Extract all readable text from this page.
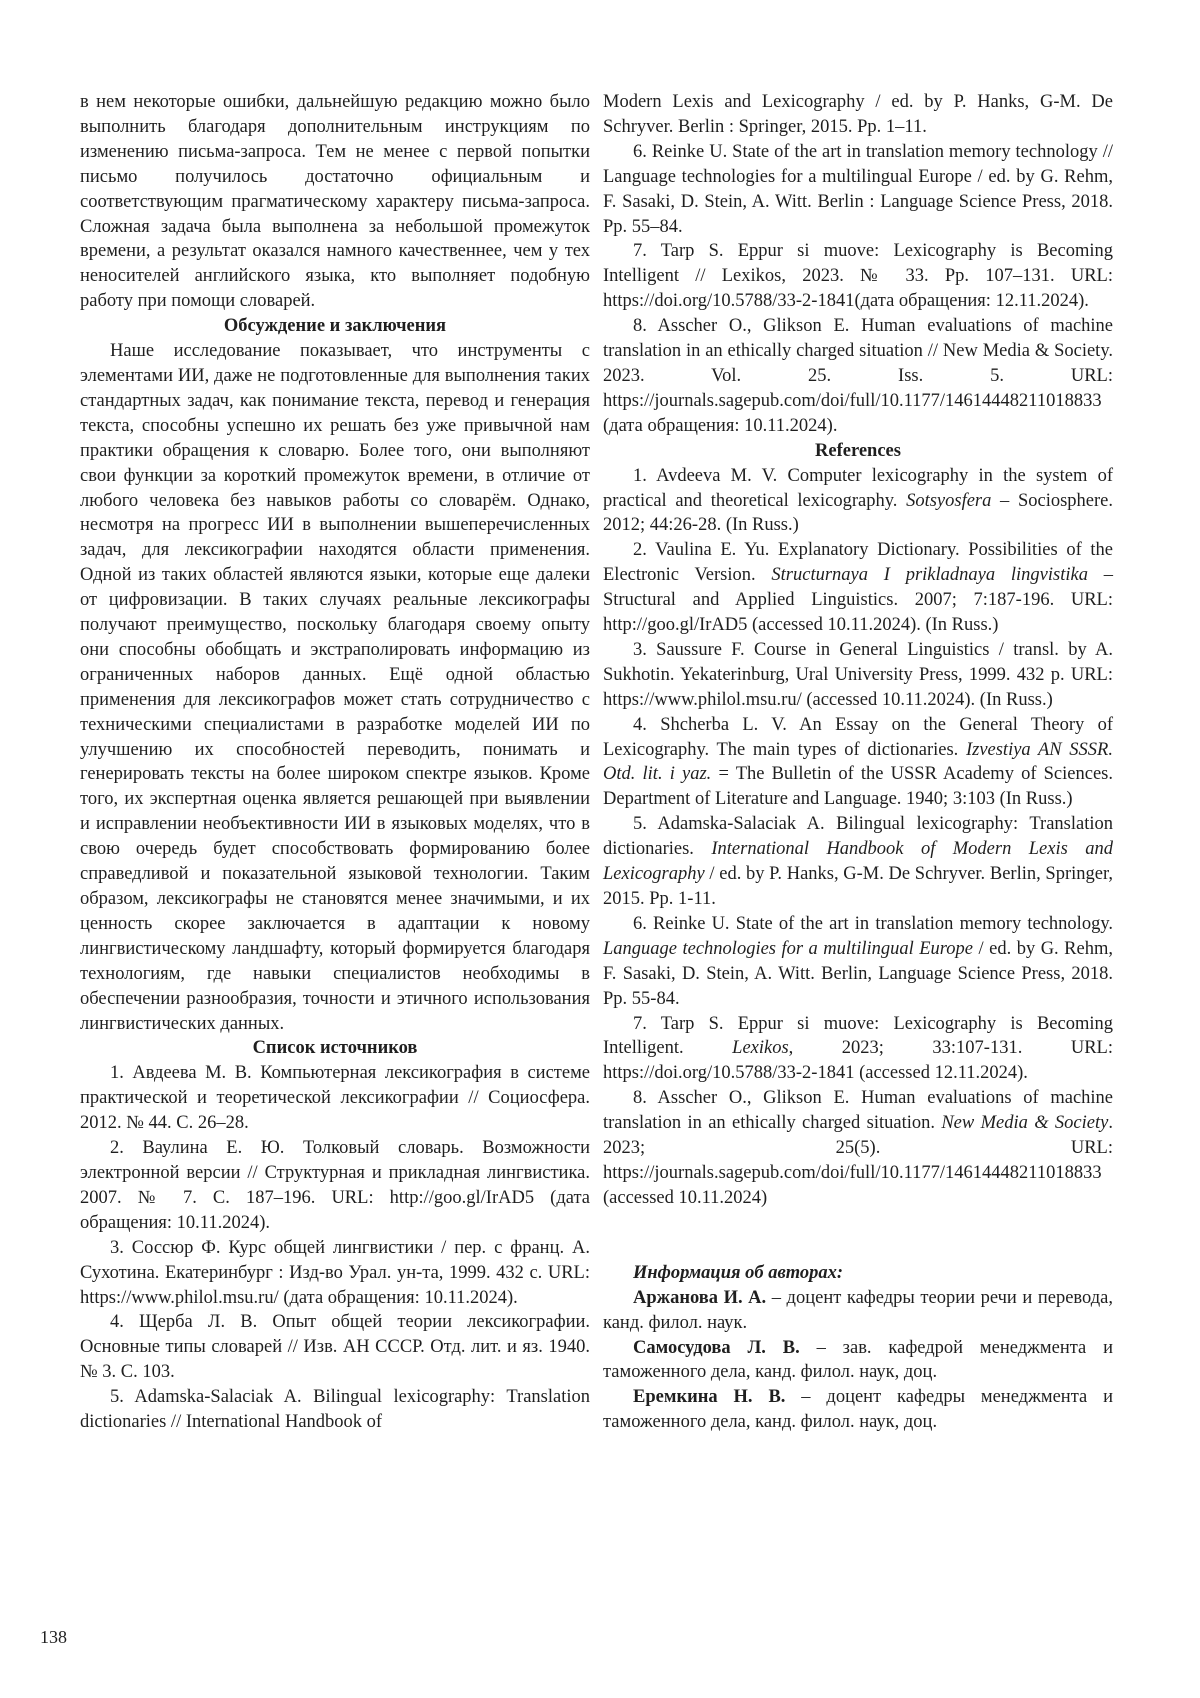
в нем некоторые ошибки, дальнейшую редакцию можно было выполнить благодаря дополнительным инструкциям по изменению письма-запроса. Тем не менее с первой попытки письмо получилось достаточно официальным и соответствующим прагматическому характеру письма-запроса. Сложная задача была выполнена за небольшой промежуток времени, а результат оказался намного качественнее, чем у тех неносителей английского языка, кто выполняет подобную работу при помощи словарей.

Обсуждение и заключения

Наше исследование показывает, что инструменты с элементами ИИ, даже не подготовленные для выполнения таких стандартных задач, как понимание текста, перевод и генерация текста, способны успешно их решать без уже привычной нам практики обращения к словарю. Более того, они выполняют свои функции за короткий промежуток времени, в отличие от любого человека без навыков работы со словарём. Однако, несмотря на прогресс ИИ в выполнении вышеперечисленных задач, для лексикографии находятся области применения. Одной из таких областей являются языки, которые еще далеки от цифровизации. В таких случаях реальные лексикографы получают преимущество, поскольку благодаря своему опыту они способны обобщать и экстраполировать информацию из ограниченных наборов данных. Ещё одной областью применения для лексикографов может стать сотрудничество с техническими специалистами в разработке моделей ИИ по улучшению их способностей переводить, понимать и генерировать тексты на более широком спектре языков. Кроме того, их экспертная оценка является решающей при выявлении и исправлении необъективности ИИ в языковых моделях, что в свою очередь будет способствовать формированию более справедливой и показательной языковой технологии. Таким образом, лексикографы не становятся менее значимыми, и их ценность скорее заключается в адаптации к новому лингвистическому ландшафту, который формируется благодаря технологиям, где навыки специалистов необходимы в обеспечении разнообразия, точности и этичного использования лингвистических данных.

Список источников

1. Авдеева М. В. Компьютерная лексикография в системе практической и теоретической лексикографии // Социосфера. 2012. № 44. С. 26–28.

2. Ваулина Е. Ю. Толковый словарь. Возможности электронной версии // Структурная и прикладная лингвистика. 2007. № 7. С. 187–196. URL: http://goo.gl/IrAD5 (дата обращения: 10.11.2024).

3. Соссюр Ф. Курс общей лингвистики / пер. с франц. А. Сухотина. Екатеринбург : Изд-во Урал. ун-та, 1999. 432 с. URL: https://www.philol.msu.ru/ (дата обращения: 10.11.2024).

4. Щерба Л. В. Опыт общей теории лексикографии. Основные типы словарей // Изв. АН СССР. Отд. лит. и яз. 1940. № 3. С. 103.

5. Adamska-Salaciak A. Bilingual lexicography: Translation dictionaries // International Handbook of

Modern Lexis and Lexicography / ed. by P. Hanks, G-M. De Schryver. Berlin : Springer, 2015. Pp. 1–11.

6. Reinke U. State of the art in translation memory technology // Language technologies for a multilingual Europe / ed. by G. Rehm, F. Sasaki, D. Stein, A. Witt. Berlin : Language Science Press, 2018. Pp. 55–84.

7. Tarp S. Eppur si muove: Lexicography is Becoming Intelligent // Lexikos, 2023. № 33. Pp. 107–131. URL: https://doi.org/10.5788/33-2-1841(дата обращения: 12.11.2024).

8. Asscher O., Glikson E. Human evaluations of machine translation in an ethically charged situation // New Media & Society. 2023. Vol. 25. Iss. 5. URL: https://journals.sagepub.com/doi/full/10.1177/14614448211018833 (дата обращения: 10.11.2024).

References

1. Avdeeva M. V. Computer lexicography in the system of practical and theoretical lexicography. Sotsyosfera – Sociosphere. 2012; 44:26-28. (In Russ.)

2. Vaulina E. Yu. Explanatory Dictionary. Possibilities of the Electronic Version. Structurnaya I prikladnaya lingvistika – Structural and Applied Linguistics. 2007; 7:187-196. URL: http://goo.gl/IrAD5 (accessed 10.11.2024). (In Russ.)

3. Saussure F. Course in General Linguistics / transl. by A. Sukhotin. Yekaterinburg, Ural University Press, 1999. 432 p. URL: https://www.philol.msu.ru/ (accessed 10.11.2024). (In Russ.)

4. Shcherba L. V. An Essay on the General Theory of Lexicography. The main types of dictionaries. Izvestiya AN SSSR. Otd. lit. i yaz. = The Bulletin of the USSR Academy of Sciences. Department of Literature and Language. 1940; 3:103 (In Russ.)

5. Adamska-Salaciak A. Bilingual lexicography: Translation dictionaries. International Handbook of Modern Lexis and Lexicography / ed. by P. Hanks, G-M. De Schryver. Berlin, Springer, 2015. Pp. 1-11.

6. Reinke U. State of the art in translation memory technology. Language technologies for a multilingual Europe / ed. by G. Rehm, F. Sasaki, D. Stein, A. Witt. Berlin, Language Science Press, 2018. Pp. 55-84.

7. Tarp S. Eppur si muove: Lexicography is Becoming Intelligent. Lexikos, 2023; 33:107-131. URL: https://doi.org/10.5788/33-2-1841 (accessed 12.11.2024).

8. Asscher O., Glikson E. Human evaluations of machine translation in an ethically charged situation. New Media & Society. 2023; 25(5). URL: https://journals.sagepub.com/doi/full/10.1177/14614448211018833 (accessed 10.11.2024)

Информация об авторах:

Аржанова И. А. – доцент кафедры теории речи и перевода, канд. филол. наук.

Самосудова Л. В. – зав. кафедрой менеджмента и таможенного дела, канд. филол. наук, доц.

Еремкина Н. В. – доцент кафедры менеджмента и таможенного дела, канд. филол. наук, доц.

138
